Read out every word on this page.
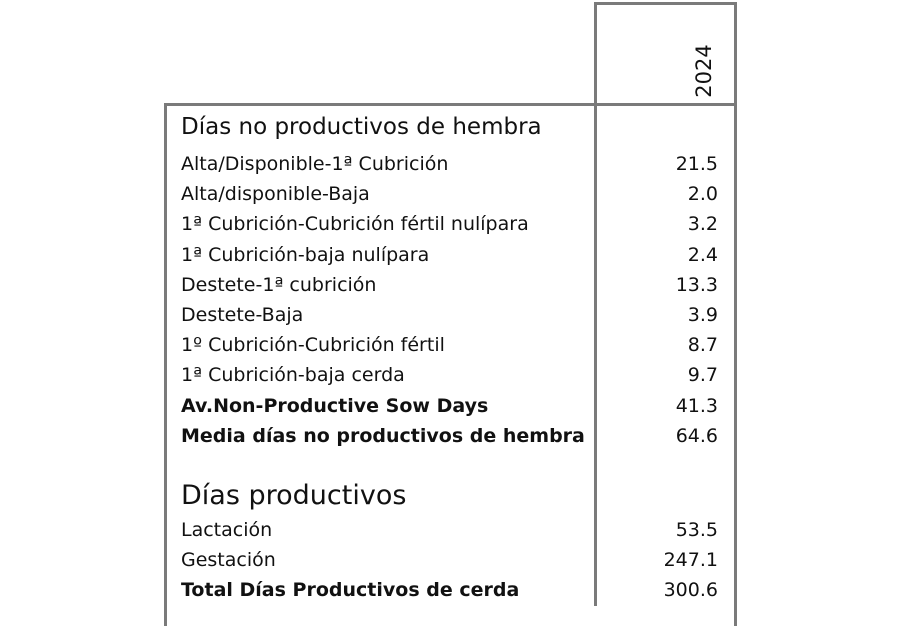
2024
Días no productivos de hembra
Alta/Disponible-1ª Cubrición	21.5
Alta/disponible-Baja	2.0
1ª Cubrición-Cubrición fértil nulípara	3.2
1ª Cubrición-baja nulípara	2.4
Destete-1ª cubrición	13.3
Destete-Baja	3.9
1º Cubrición-Cubrición fértil	8.7
1ª Cubrición-baja cerda	9.7
Av.Non-Productive Sow Days	41.3
Media días no productivos de hembra	64.6
Días productivos
Lactación	53.5
Gestación	247.1
Total Días Productivos de cerda	300.6
